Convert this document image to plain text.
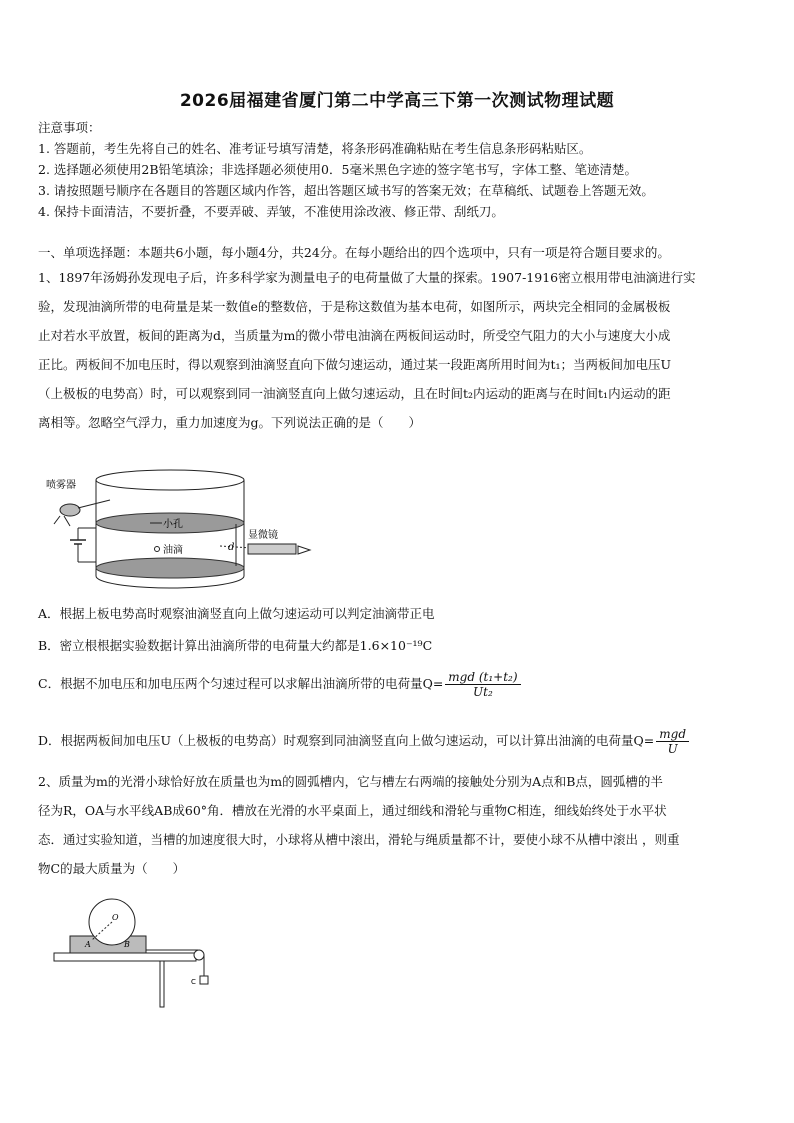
2026届福建省厦门第二中学高三下第一次测试物理试题
注意事项：
1. 答题前，考生先将自己的姓名、准考证号填写清楚，将条形码准确粘贴在考生信息条形码粘贴区。
2. 选择题必须使用2B铅笔填涂；非选择题必须使用0．5毫米黑色字迹的签字笔书写，字体工整、笔迹清楚。
3. 请按照题号顺序在各题目的答题区域内作答，超出答题区域书写的答案无效；在草稿纸、试题卷上答题无效。
4. 保持卡面清洁，不要折叠，不要弄破、弄皱，不准使用涂改液、修正带、刮纸刀。
一、单项选择题：本题共6小题，每小题4分，共24分。在每小题给出的四个选项中，只有一项是符合题目要求的。

1、1897年汤姆孙发现电子后，许多科学家为测量电子的电荷量做了大量的探索。1907-1916密立根用带电油滴进行实

验，发现油滴所带的电荷量是某一数值e的整数倍，于是称这数值为基本电荷，如图所示，两块完全相同的金属极板

止对若水平放置，板间的距离为d，当质量为m的微小带电油滴在两板间运动时，所受空气阻力的大小与速度大小成

正比。两板间不加电压时，得以观察到油滴竖直向下做匀速运动，通过某一段距离所用时间为t₁；当两板间加电压U

（上极板的电势高）时，可以观察到同一油滴竖直向上做匀速运动，且在时间t₂内运动的距离与在时间t₁内运动的距

离相等。忽略空气浮力，重力加速度为g。下列说法正确的是（　　）

小孔
油滴
喷雾器
d
显微镜
A．根据上板电势高时观察油滴竖直向上做匀速运动可以判定油滴带正电
B．密立根根据实验数据计算出油滴所带的电荷量大约都是1.6×10⁻¹⁹C
C．根据不加电压和加电压两个匀速过程可以求解出油滴所带的电荷量$Q= \frac{\text{mgd (t₁+t₂)}}{\text{Ut₂}}$
D．根据两板间加电压U（上极板的电势高）时观察到同油滴竖直向上做匀速运动，可以计算出油滴的电荷量$Q= \frac{\text{mgd}}{U}$

2、质量为m的光滑小球恰好放在质量也为m的圆弧槽内，它与槽左右两端的接触处分别为A点和B点，圆弧槽的半

径为R，OA与水平线AB成60°角．槽放在光滑的水平桌面上，通过细线和滑轮与重物C相连，细线始终处于水平状

态．通过实验知道，当槽的加速度很大时，小球将从槽中滚出，滑轮与绳质量都不计，要使小球不从槽中滚出 ，则重

物C的最大质量为（　　）

O
A	B
C
